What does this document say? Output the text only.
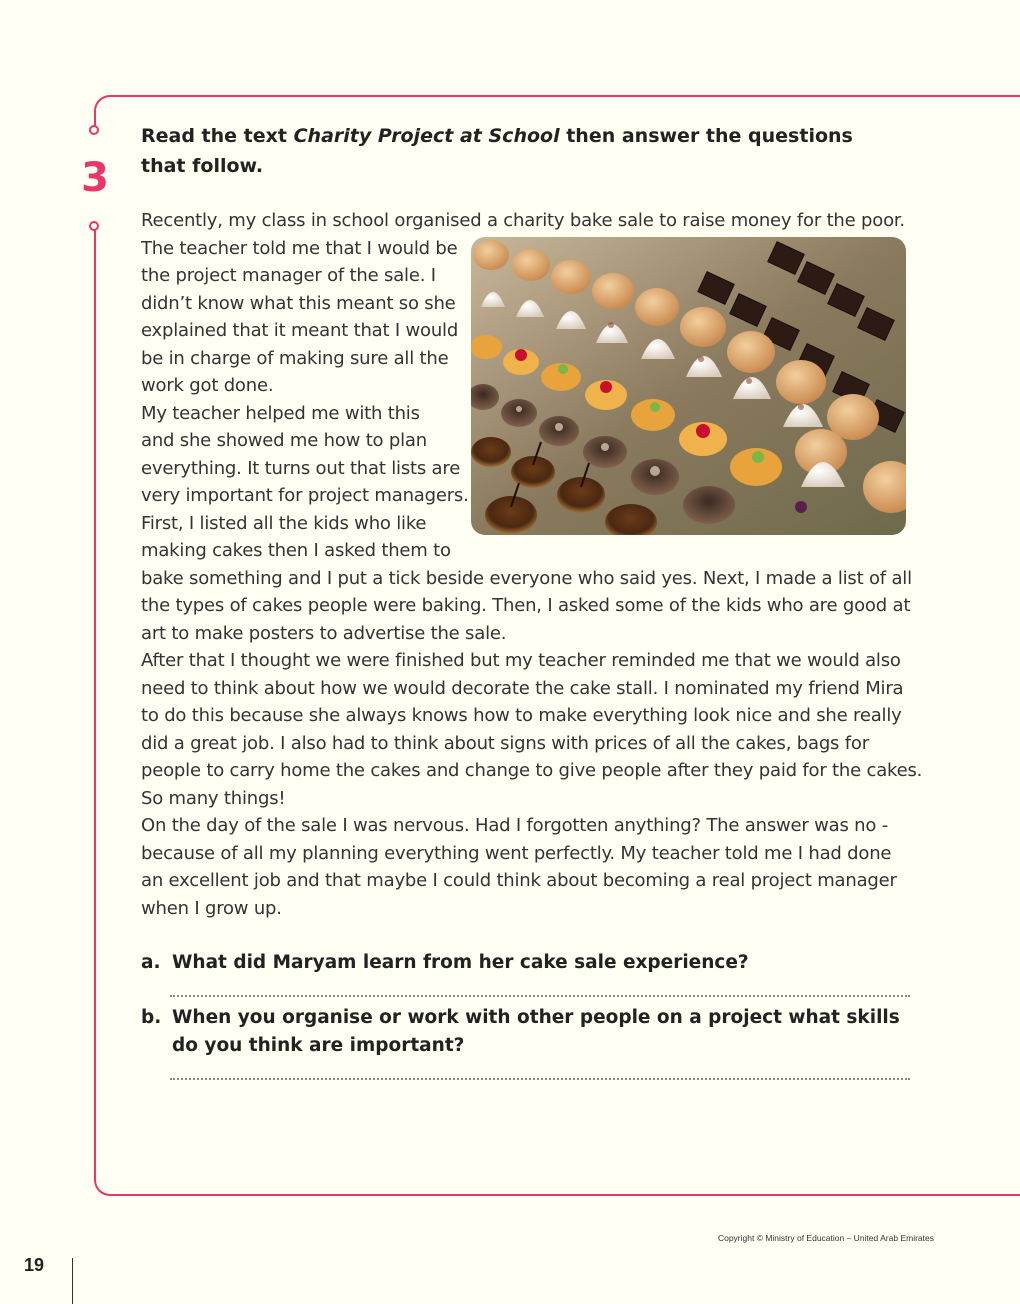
3
Read the text Charity Project at School then answer the questions that follow.
Recently, my class in school organised a charity bake sale to raise money for the poor.
The teacher told me that I would be
the project manager of the sale. I
didn’t know what this meant so she
explained that it meant that I would
be in charge of making sure all the
work got done.
My teacher helped me with this
and she showed me how to plan
everything. It turns out that lists are
very important for project managers.
First, I listed all the kids who like
making cakes then I asked them to
bake something and I put a tick beside everyone who said yes. Next, I made a list of all
the types of cakes people were baking. Then, I asked some of the kids who are good at
art to make posters to advertise the sale.
After that I thought we were finished but my teacher reminded me that we would also
need to think about how we would decorate the cake stall. I nominated my friend Mira
to do this because she always knows how to make everything look nice and she really
did a great job. I also had to think about signs with prices of all the cakes, bags for
people to carry home the cakes and change to give people after they paid for the cakes.
So many things!
On the day of the sale I was nervous. Had I forgotten anything? The answer was no -
because of all my planning everything went perfectly. My teacher told me I had done
an excellent job and that maybe I could think about becoming a real project manager
when I grow up.
a. What did Maryam learn from her cake sale experience?
b. When you organise or work with other people on a project what skills do you think are important?
Copyright © Ministry of Education – United Arab Emirates
19
